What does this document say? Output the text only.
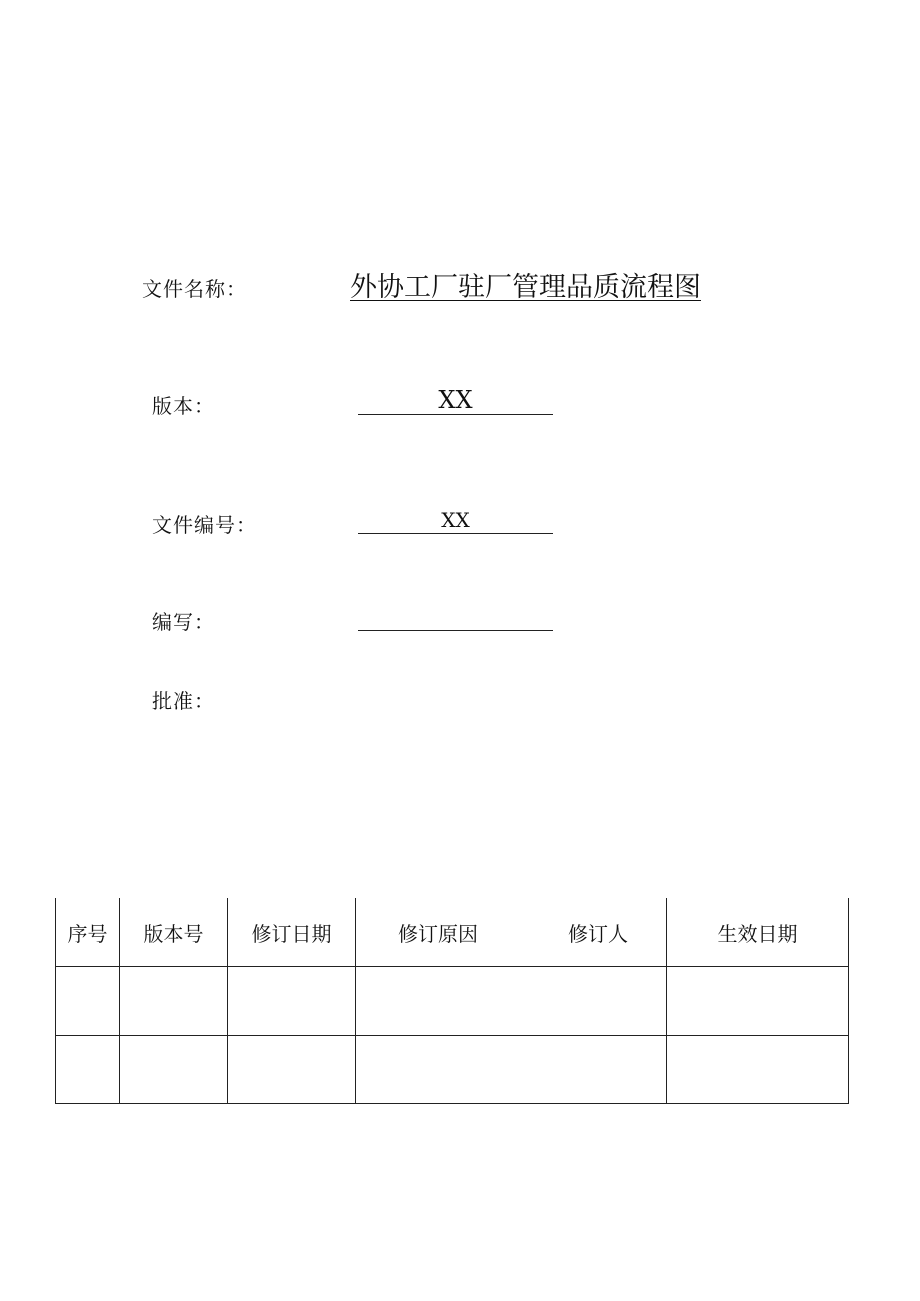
文件名称：	外协工厂驻厂管理品质流程图
版本：	XX
文件编号：	XX
编写：
批准：
序号	版本号	修订日期	修订原因 修订人	生效日期
